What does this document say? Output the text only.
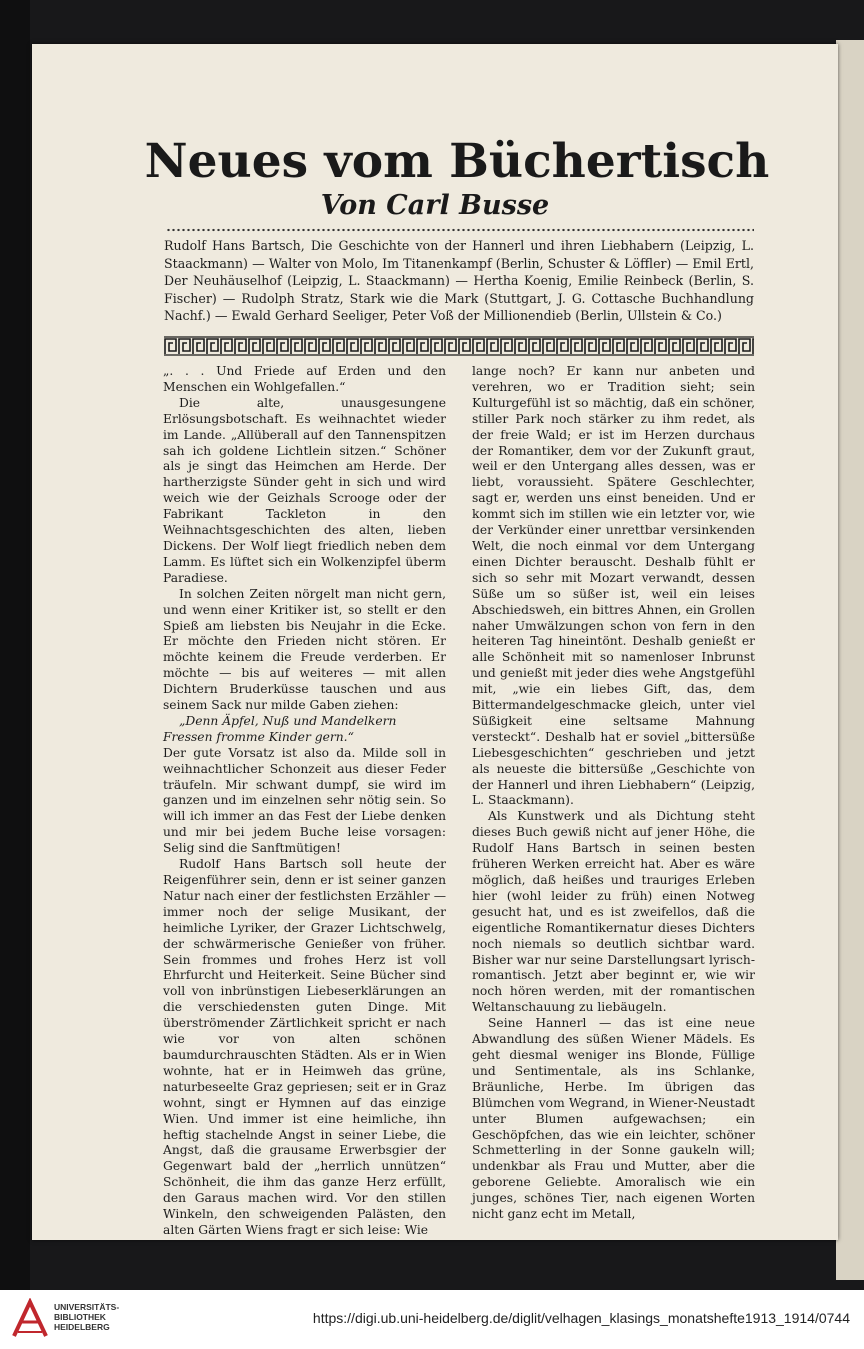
Neues vom Büchertisch
Von Carl Busse
Rudolf Hans Bartsch, Die Geschichte von der Hannerl und ihren Liebhabern (Leipzig, L. Staackmann) — Walter von Molo, Im Titanenkampf (Berlin, Schuster & Löffler) — Emil Ertl, Der Neuhäuselhof (Leipzig, L. Staackmann) — Hertha Koenig, Emilie Reinbeck (Berlin, S. Fischer) — Rudolph Stratz, Stark wie die Mark (Stuttgart, J. G. Cottasche Buchhandlung Nachf.) — Ewald Gerhard Seeliger, Peter Voß der Millionendieb (Berlin, Ullstein & Co.)

„. . . Und Friede auf Erden und den Menschen ein Wohlgefallen.“

Die alte, unausgesungene Erlösungsbotschaft. Es weihnachtet wieder im Lande. „Allüberall auf den Tannenspitzen sah ich goldene Lichtlein sitzen.“ Schöner als je singt das Heimchen am Herde. Der hartherzigste Sünder geht in sich und wird weich wie der Geizhals Scrooge oder der Fabrikant Tackleton in den Weihnachtsgeschichten des alten, lieben Dickens. Der Wolf liegt friedlich neben dem Lamm. Es lüftet sich ein Wolkenzipfel überm Paradiese.

In solchen Zeiten nörgelt man nicht gern, und wenn einer Kritiker ist, so stellt er den Spieß am liebsten bis Neujahr in die Ecke. Er möchte den Frieden nicht stören. Er möchte keinem die Freude verderben. Er möchte — bis auf weiteres — mit allen Dichtern Bruderküsse tauschen und aus seinem Sack nur milde Gaben ziehen:

„Denn Äpfel, Nuß und Mandelkern Fressen fromme Kinder gern.“

Der gute Vorsatz ist also da. Milde soll in weihnachtlicher Schonzeit aus dieser Feder träufeln. Mir schwant dumpf, sie wird im ganzen und im einzelnen sehr nötig sein. So will ich immer an das Fest der Liebe denken und mir bei jedem Buche leise vorsagen: Selig sind die Sanftmütigen!

Rudolf Hans Bartsch soll heute der Reigenführer sein, denn er ist seiner ganzen Natur nach einer der festlichsten Erzähler — immer noch der selige Musikant, der heimliche Lyriker, der Grazer Lichtschwelg, der schwärmerische Genießer von früher. Sein frommes und frohes Herz ist voll Ehrfurcht und Heiterkeit. Seine Bücher sind voll von inbrünstigen Liebeserklärungen an die verschiedensten guten Dinge. Mit überströmender Zärtlichkeit spricht er nach wie vor von alten schönen baumdurchrauschten Städten. Als er in Wien wohnte, hat er in Heimweh das grüne, naturbeseelte Graz gepriesen; seit er in Graz wohnt, singt er Hymnen auf das einzige Wien. Und immer ist eine heimliche, ihn heftig stachelnde Angst in seiner Liebe, die Angst, daß die grausame Erwerbsgier der Gegenwart bald der „herrlich unnützen“ Schönheit, die ihm das ganze Herz erfüllt, den Garaus machen wird. Vor den stillen Winkeln, den schweigenden Palästen, den alten Gärten Wiens fragt er sich leise: Wie

lange noch? Er kann nur anbeten und verehren, wo er Tradition sieht; sein Kulturgefühl ist so mächtig, daß ein schöner, stiller Park noch stärker zu ihm redet, als der freie Wald; er ist im Herzen durchaus der Romantiker, dem vor der Zukunft graut, weil er den Untergang alles dessen, was er liebt, voraussieht. Spätere Geschlechter, sagt er, werden uns einst beneiden. Und er kommt sich im stillen wie ein letzter vor, wie der Verkünder einer unrettbar versinkenden Welt, die noch einmal vor dem Untergang einen Dichter berauscht. Deshalb fühlt er sich so sehr mit Mozart verwandt, dessen Süße um so süßer ist, weil ein leises Abschiedsweh, ein bittres Ahnen, ein Grollen naher Umwälzungen schon von fern in den heiteren Tag hineintönt. Deshalb genießt er alle Schönheit mit so namenloser Inbrunst und genießt mit jeder dies wehe Angstgefühl mit, „wie ein liebes Gift, das, dem Bittermandelgeschmacke gleich, unter viel Süßigkeit eine seltsame Mahnung versteckt“. Deshalb hat er soviel „bittersüße Liebesgeschichten“ geschrieben und jetzt als neueste die bittersüße „Geschichte von der Hannerl und ihren Liebhabern“ (Leipzig, L. Staackmann).

Als Kunstwerk und als Dichtung steht dieses Buch gewiß nicht auf jener Höhe, die Rudolf Hans Bartsch in seinen besten früheren Werken erreicht hat. Aber es wäre möglich, daß heißes und trauriges Erleben hier (wohl leider zu früh) einen Notweg gesucht hat, und es ist zweifellos, daß die eigentliche Romantikernatur dieses Dichters noch niemals so deutlich sichtbar ward. Bisher war nur seine Darstellungsart lyrisch-romantisch. Jetzt aber beginnt er, wie wir noch hören werden, mit der romantischen Weltanschauung zu liebäugeln.

Seine Hannerl — das ist eine neue Abwandlung des süßen Wiener Mädels. Es geht diesmal weniger ins Blonde, Füllige und Sentimentale, als ins Schlanke, Bräunliche, Herbe. Im übrigen das Blümchen vom Wegrand, in Wiener-Neustadt unter Blumen aufgewachsen; ein Geschöpfchen, das wie ein leichter, schöner Schmetterling in der Sonne gaukeln will; undenkbar als Frau und Mutter, aber die geborene Geliebte. Amoralisch wie ein junges, schönes Tier, nach eigenen Worten nicht ganz echt im Metall,

UNIVERSITÄTS-
BIBLIOTHEK
HEIDELBERG
https://digi.ub.uni-heidelberg.de/diglit/velhagen_klasings_monatshefte1913_1914/0744
